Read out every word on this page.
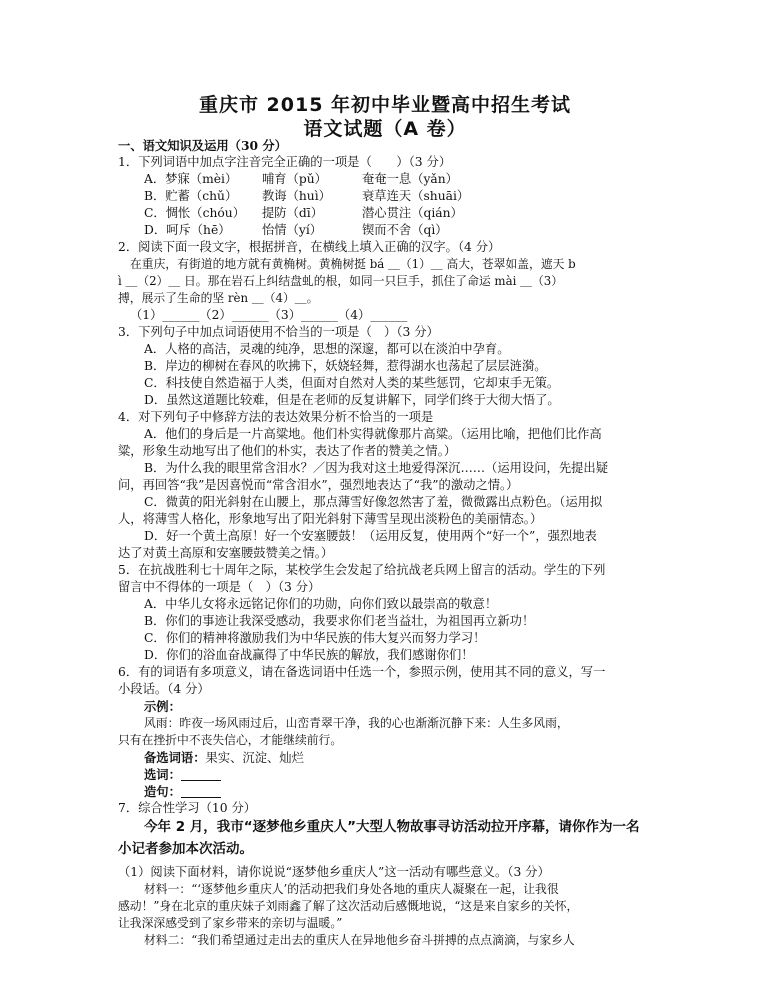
重庆市 2015 年初中毕业暨高中招生考试
语文试题（A 卷）
一、语文知识及运用（30 分）
1．下列词语中加点字注音完全正确的一项是（　　）（3 分）
A．梦寐（mèi） 哺育（pǔ）	奄奄一息（yǎn）
B．贮蓄（chǔ） 教诲（huì）	衰草连天（shuāi）
C．惆怅（chóu） 提防（dī）	潜心贯注（qián）
D．呵斥（hē）	怡情（yí）	锲而不舍（qì）
2．阅读下面一段文字，根据拼音，在横线上填入正确的汉字。（4 分）
在重庆，有街道的地方就有黄桷树。黄桷树挺 bá ＿（1）＿ 高大，苍翠如盖，遮天 b
ì ＿（2）＿ 日。那在岩石上纠结盘虬的根，如同一只巨手，抓住了命运 mài ＿（3）
搏，展示了生命的坚 rèn ＿（4）＿。
（1）______（2）______（3）______（4）______
3．下列句子中加点词语使用不恰当的一项是（　）（3 分）
A．人格的高洁，灵魂的纯净，思想的深邃，都可以在淡泊中孕育。
B．岸边的柳树在春风的吹拂下，妖娆轻舞，惹得湖水也荡起了层层涟漪。
C．科技使自然造福于人类，但面对自然对人类的某些惩罚，它却束手无策。
D．虽然这道题比较难，但是在老师的反复讲解下，同学们终于大彻大悟了。
4．对下列句子中修辞方法的表达效果分析不恰当的一项是
A．他们的身后是一片高粱地。他们朴实得就像那片高粱。（运用比喻，把他们比作高
粱，形象生动地写出了他们的朴实，表达了作者的赞美之情。）
B．为什么我的眼里常含泪水？／因为我对这土地爱得深沉……（运用设问，先提出疑
问，再回答“我”是因喜悦而“常含泪水”，强烈地表达了“我”的激动之情。）
C．微黄的阳光斜射在山腰上，那点薄雪好像忽然害了羞，微微露出点粉色。（运用拟
人，将薄雪人格化，形象地写出了阳光斜射下薄雪呈现出淡粉色的美丽情态。）
D．好一个黄土高原！好一个安塞腰鼓！（运用反复，使用两个“好一个”，强烈地表
达了对黄土高原和安塞腰鼓赞美之情。）
5．在抗战胜利七十周年之际，某校学生会发起了给抗战老兵网上留言的活动。学生的下列
留言中不得体的一项是（　）（3 分）
A．中华儿女将永远铭记你们的功勋，向你们致以最崇高的敬意！
B．你们的事迹让我深受感动，我要求你们老当益壮，为祖国再立新功！
C．你们的精神将激励我们为中华民族的伟大复兴而努力学习！
D．你们的浴血奋战赢得了中华民族的解放，我们感谢你们！
6．有的词语有多项意义，请在备选词语中任选一个，参照示例，使用其不同的意义，写一
小段话。（4 分）
示例：
风雨：昨夜一场风雨过后，山峦青翠干净，我的心也渐渐沉静下来：人生多风雨，
只有在挫折中不丧失信心，才能继续前行。
备选词语：果实、沉淀、灿烂
选词：
造句：
7．综合性学习（10 分）
今年 2 月，我市“逐梦他乡重庆人”大型人物故事寻访活动拉开序幕，请你作为一名
小记者参加本次活动。
（1）阅读下面材料，请你说说“逐梦他乡重庆人”这一活动有哪些意义。（3 分）
材料一：“‘逐梦他乡重庆人’的活动把我们身处各地的重庆人凝聚在一起，让我很
感动！”身在北京的重庆妹子刘雨鑫了解了这次活动后感慨地说，“这是来自家乡的关怀，
让我深深感受到了家乡带来的亲切与温暖。”
材料二：“我们希望通过走出去的重庆人在异地他乡奋斗拼搏的点点滴滴，与家乡人
